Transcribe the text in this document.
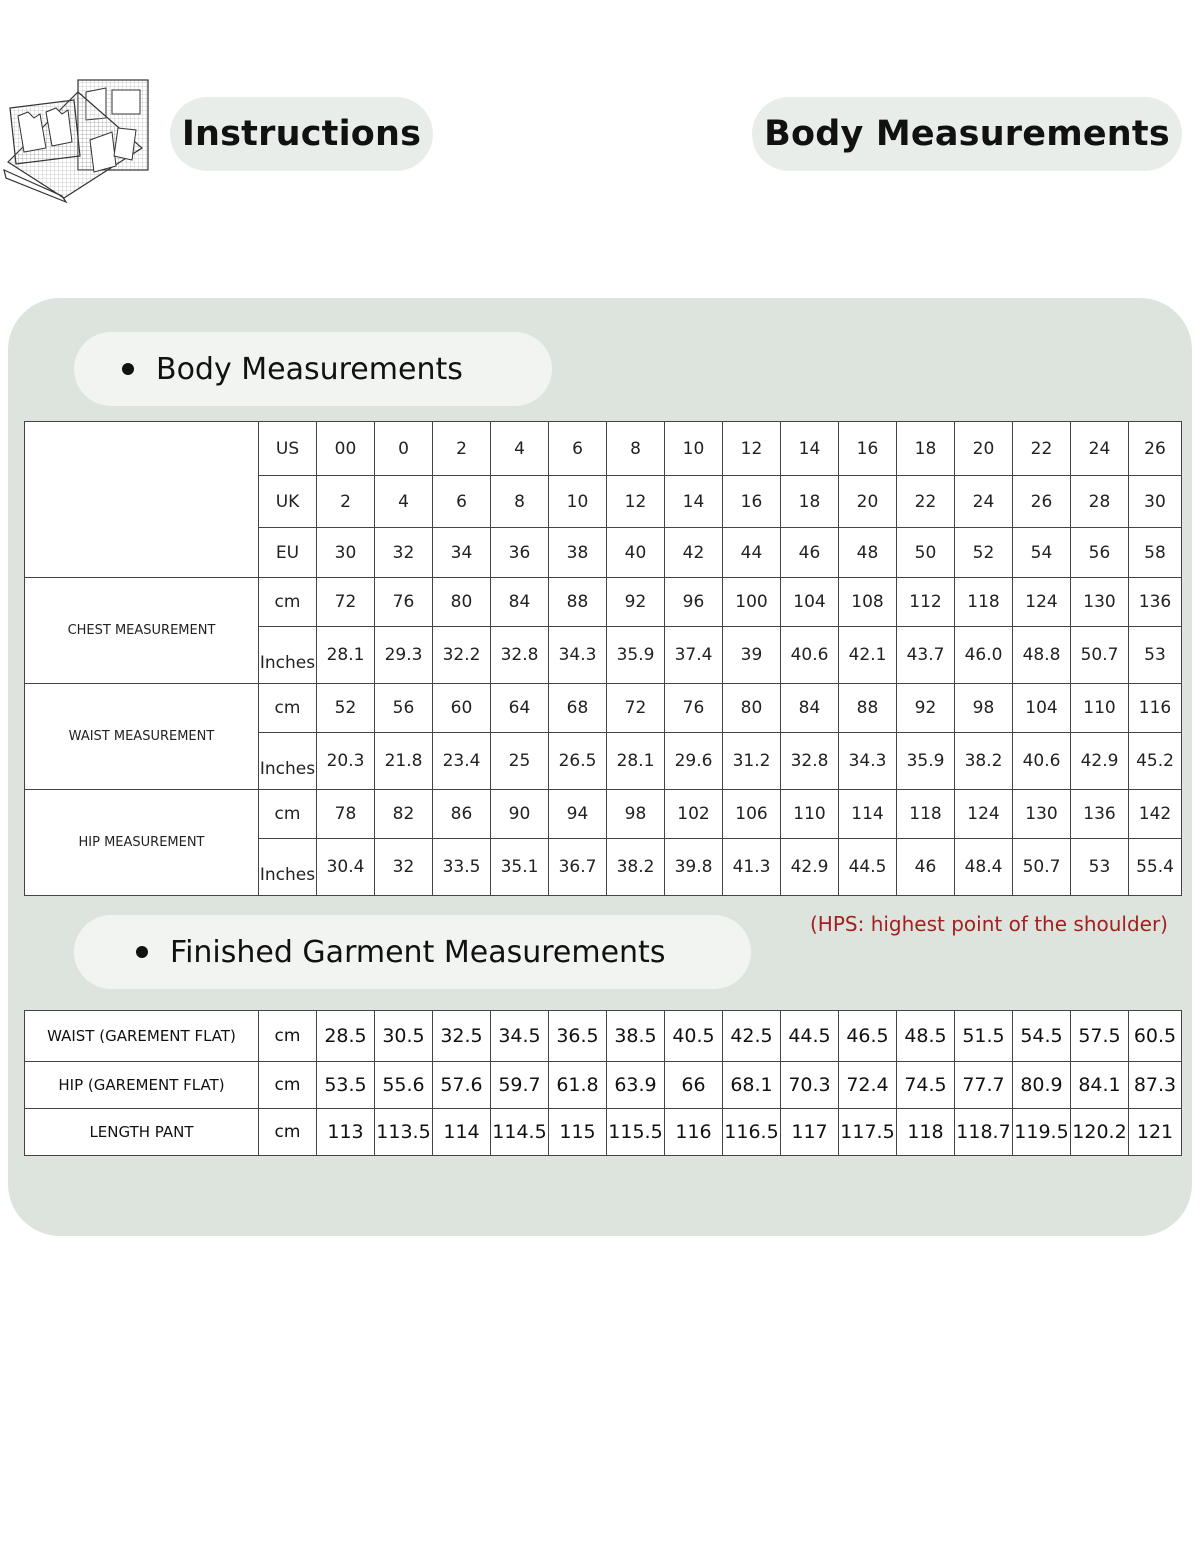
Instructions	Body Measurements
Body Measurements
	US	00	0	2	4	6	8	10	12	14	16	18	20	22	24	26
	UK	2	4	6	8	10	12	14	16	18	20	22	24	26	28	30
	EU	30	32	34	36	38	40	42	44	46	48	50	52	54	56	58
CHEST MEASUREMENT	cm	72	76	80	84	88	92	96	100	104	108	112	118	124	130	136
	Inches	28.1	29.3	32.2	32.8	34.3	35.9	37.4	39	40.6	42.1	43.7	46.0	48.8	50.7	53
WAIST MEASUREMENT	cm	52	56	60	64	68	72	76	80	84	88	92	98	104	110	116
	Inches	20.3	21.8	23.4	25	26.5	28.1	29.6	31.2	32.8	34.3	35.9	38.2	40.6	42.9	45.2
HIP MEASUREMENT	cm	78	82	86	90	94	98	102	106	110	114	118	124	130	136	142
	Inches	30.4	32	33.5	35.1	36.7	38.2	39.8	41.3	42.9	44.5	46	48.4	50.7	53	55.4
Finished Garment Measurements
(HPS: highest point of the shoulder)
WAIST (GAREMENT FLAT)	cm	28.5	30.5	32.5	34.5	36.5	38.5	40.5	42.5	44.5	46.5	48.5	51.5	54.5	57.5	60.5
HIP (GAREMENT FLAT)	cm	53.5	55.6	57.6	59.7	61.8	63.9	66	68.1	70.3	72.4	74.5	77.7	80.9	84.1	87.3
LENGTH PANT	cm	113	113.5	114	114.5	115	115.5	116	116.5	117	117.5	118	118.7	119.5	120.2	121
